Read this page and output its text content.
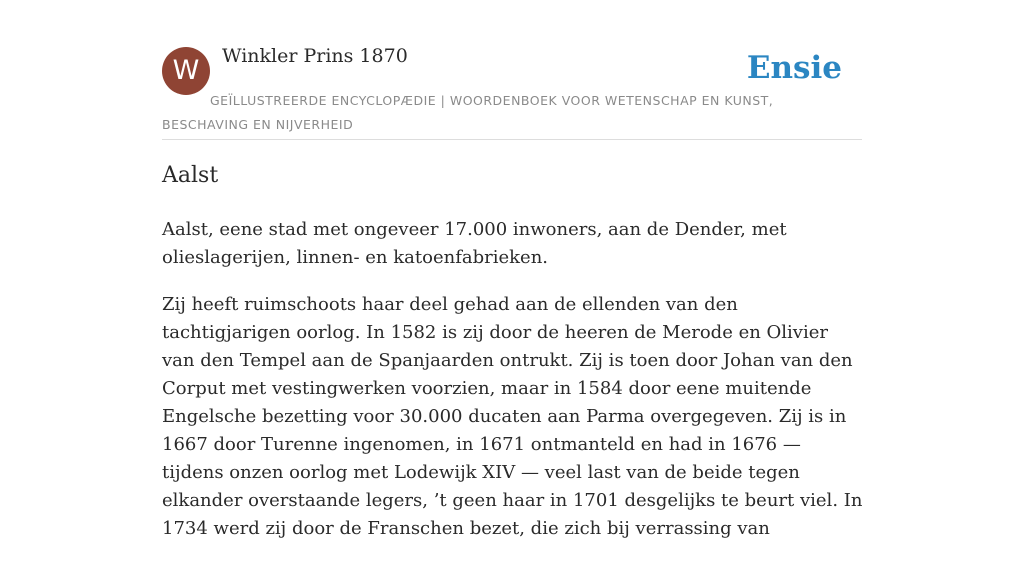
W	Winkler Prins 1870	Ensie

GEÏLLUSTREERDE ENCYCLOPÆDIE | WOORDENBOEK VOOR WETENSCHAP EN KUNST, BESCHAVING EN NIJVERHEID

Aalst

Aalst, eene stad met ongeveer 17.000 inwoners, aan de Dender, met olieslagerijen, linnen- en katoenfabrieken.

Zij heeft ruimschoots haar deel gehad aan de ellenden van den tachtigjarigen oorlog. In 1582 is zij door de heeren de Merode en Olivier van den Tempel aan de Spanjaarden ontrukt. Zij is toen door Johan van den Corput met vestingwerken voorzien, maar in 1584 door eene muitende Engelsche bezetting voor 30.000 ducaten aan Parma overgegeven. Zij is in 1667 door Turenne ingenomen, in 1671 ontmanteld en had in 1676 — tijdens onzen oorlog met Lodewijk XIV — veel last van de beide tegen elkander overstaande legers, ’t geen haar in 1701 desgelijks te beurt viel. In 1734 werd zij door de Franschen bezet, die zich bij verrassing van
